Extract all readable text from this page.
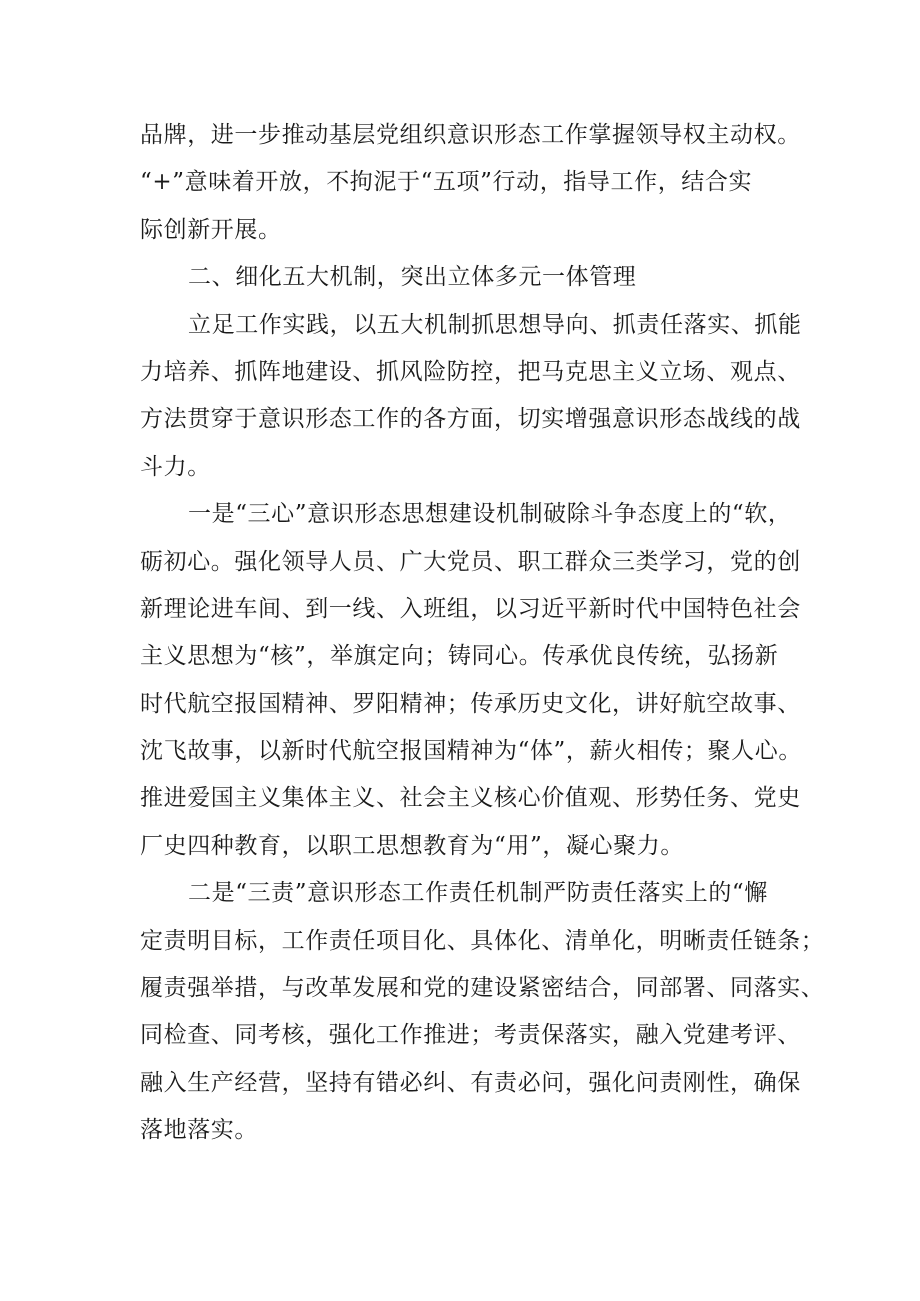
品牌，进一步推动基层党组织意识形态工作掌握领导权主动权。
“+”意味着开放，不拘泥于“五项”行动，指导工作，结合实
际创新开展。
二、细化五大机制，突出立体多元一体管理
立足工作实践，以五大机制抓思想导向、抓责任落实、抓能
力培养、抓阵地建设、抓风险防控，把马克思主义立场、观点、
方法贯穿于意识形态工作的各方面，切实增强意识形态战线的战
斗力。
一是“三心”意识形态思想建设机制破除斗争态度上的“软，
砺初心。强化领导人员、广大党员、职工群众三类学习，党的创
新理论进车间、到一线、入班组，以习近平新时代中国特色社会
主义思想为“核”，举旗定向；铸同心。传承优良传统，弘扬新
时代航空报国精神、罗阳精神；传承历史文化，讲好航空故事、
沈飞故事，以新时代航空报国精神为“体”，薪火相传；聚人心。
推进爱国主义集体主义、社会主义核心价值观、形势任务、党史
厂史四种教育，以职工思想教育为“用”，凝心聚力。
二是“三责”意识形态工作责任机制严防责任落实上的“懈
定责明目标，工作责任项目化、具体化、清单化，明晰责任链条；
履责强举措，与改革发展和党的建设紧密结合，同部署、同落实、
同检查、同考核，强化工作推进；考责保落实，融入党建考评、
融入生产经营，坚持有错必纠、有责必问，强化问责刚性，确保
落地落实。
